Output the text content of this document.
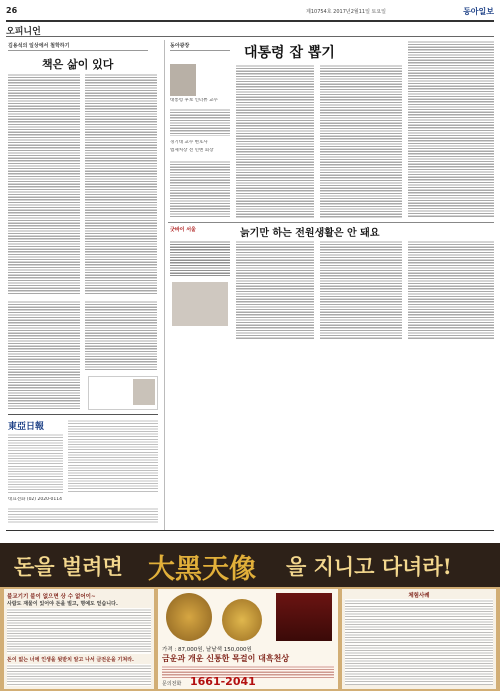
26	제10754호 2017년2월11일 토요일	동아일보
오피니언
김용석의 일상에서 철학하기
책은 삶이 있다
東亞日報
대표전화 (02) 2020-0114
동아광장	대통령 잡 뽑기
대통령 후보 인터뷰 교수
경기대 교수 변호사
법제처장 전 민변 회장
굿바이 서울	늙기만 하는 전원생활은 안 돼요
돈을 벌려면 大黑天像 을 지니고 다녀라!
불교기기 불이 없으면 상 수 없어이~
사람도 재물이 있어야 돈을 벌고, 명예도 얻습니다.
돈이 없는 너에 인생을 뒷받치 알고 나서 금전운을 기쳐라.
가격 : 87,000원, 낱낱색 150,000원
금운과 개운 신통한 목걸이 대흑천상
문의전화 1661-2041
체험사례
